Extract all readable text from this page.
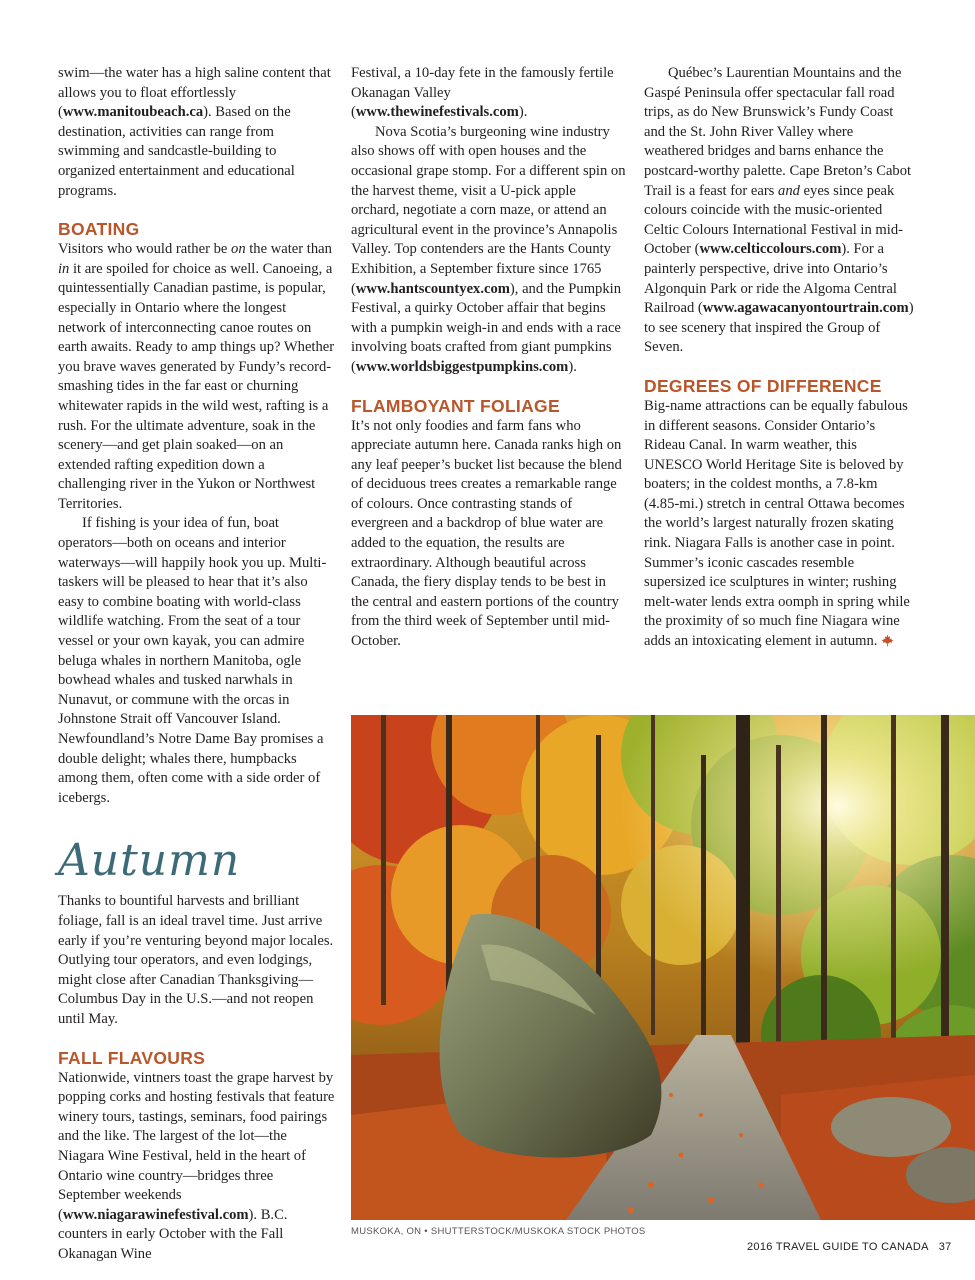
swim—the water has a high saline content that allows you to float effortlessly (www.manitoubeach.ca). Based on the destination, activities can range from swimming and sandcastle-building to organized entertainment and educational programs.

BOATING

Visitors who would rather be on the water than in it are spoiled for choice as well. Canoeing, a quintessentially Canadian pastime, is popular, especially in Ontario where the longest network of interconnecting canoe routes on earth awaits. Ready to amp things up? Whether you brave waves generated by Fundy’s record-smashing tides in the far east or churning whitewater rapids in the wild west, rafting is a rush. For the ultimate adventure, soak in the scenery—and get plain soaked—on an extended rafting expedition down a challenging river in the Yukon or Northwest Territories.

If fishing is your idea of fun, boat operators—both on oceans and interior waterways—will happily hook you up. Multi-taskers will be pleased to hear that it’s also easy to combine boating with world-class wildlife watching. From the seat of a tour vessel or your own kayak, you can admire beluga whales in northern Manitoba, ogle bowhead whales and tusked narwhals in Nunavut, or commune with the orcas in Johnstone Strait off Vancouver Island. Newfoundland’s Notre Dame Bay promises a double delight; whales there, humpbacks among them, often come with a side order of icebergs.

Autumn

Thanks to bountiful harvests and brilliant foliage, fall is an ideal travel time. Just arrive early if you’re venturing beyond major locales. Outlying tour operators, and even lodgings, might close after Canadian Thanksgiving—Columbus Day in the U.S.—and not reopen until May.

FALL FLAVOURS

Nationwide, vintners toast the grape harvest by popping corks and hosting festivals that feature winery tours, tastings, seminars, food pairings and the like. The largest of the lot—the Niagara Wine Festival, held in the heart of Ontario wine country—bridges three September weekends (www.niagarawinefestival.com). B.C. counters in early October with the Fall Okanagan Wine

Festival, a 10-day fete in the famously fertile Okanagan Valley (www.thewinefestivals.com).

Nova Scotia’s burgeoning wine industry also shows off with open houses and the occasional grape stomp. For a different spin on the harvest theme, visit a U-pick apple orchard, negotiate a corn maze, or attend an agricultural event in the province’s Annapolis Valley. Top contenders are the Hants County Exhibition, a September fixture since 1765 (www.hantscountyex.com), and the Pumpkin Festival, a quirky October affair that begins with a pumpkin weigh-in and ends with a race involving boats crafted from giant pumpkins (www.worldsbiggestpumpkins.com).

FLAMBOYANT FOLIAGE

It’s not only foodies and farm fans who appreciate autumn here. Canada ranks high on any leaf peeper’s bucket list because the blend of deciduous trees creates a remarkable range of colours. Once contrasting stands of evergreen and a backdrop of blue water are added to the equation, the results are extraordinary. Although beautiful across Canada, the fiery display tends to be best in the central and eastern portions of the country from the third week of September until mid-October.

Québec’s Laurentian Mountains and the Gaspé Peninsula offer spectacular fall road trips, as do New Brunswick’s Fundy Coast and the St. John River Valley where weathered bridges and barns enhance the postcard-worthy palette. Cape Breton’s Cabot Trail is a feast for ears and eyes since peak colours coincide with the music-oriented Celtic Colours International Festival in mid-October (www.celticcolours.com). For a painterly perspective, drive into Ontario’s Algonquin Park or ride the Algoma Central Railroad (www.agawacanyontourtrain.com) to see scenery that inspired the Group of Seven.

DEGREES OF DIFFERENCE

Big-name attractions can be equally fabulous in different seasons. Consider Ontario’s Rideau Canal. In warm weather, this UNESCO World Heritage Site is beloved by boaters; in the coldest months, a 7.8-km (4.85-mi.) stretch in central Ottawa becomes the world’s largest naturally frozen skating rink. Niagara Falls is another case in point. Summer’s iconic cascades resemble supersized ice sculptures in winter; rushing melt-water lends extra oomph in spring while the proximity of so much fine Niagara wine adds an intoxicating element in autumn.

MUSKOKA, ON • SHUTTERSTOCK/MUSKOKA STOCK PHOTOS
2016 TRAVEL GUIDE TO CANADA 37
